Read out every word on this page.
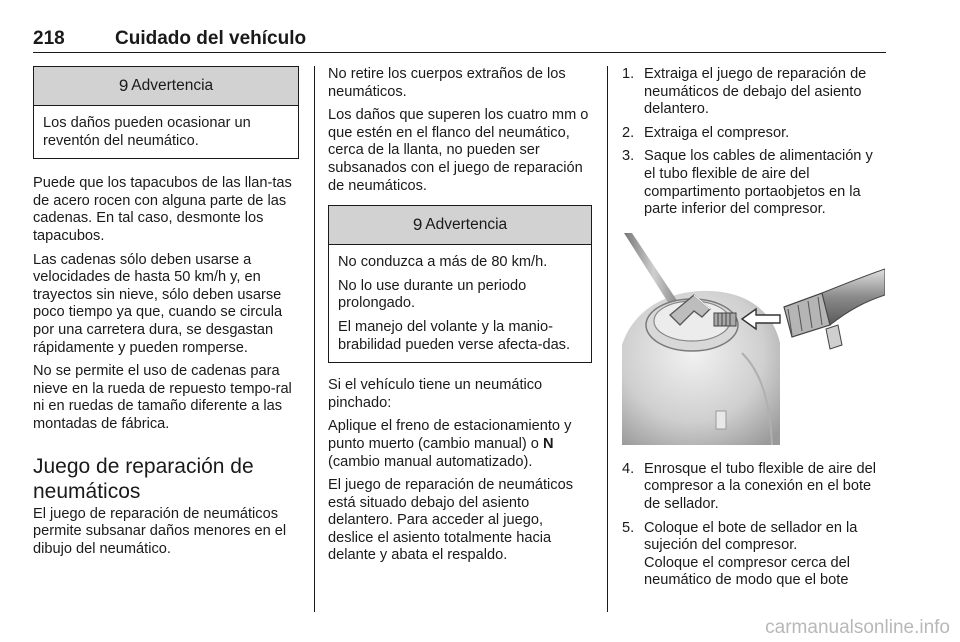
218	Cuidado del vehículo
9 Advertencia

Los daños pueden ocasionar un reventón del neumático.

Puede que los tapacubos de las llan-tas de acero rocen con alguna parte de las cadenas. En tal caso, desmonte los tapacubos.

Las cadenas sólo deben usarse a velocidades de hasta 50 km/h y, en trayectos sin nieve, sólo deben usarse poco tiempo ya que, cuando se circula por una carretera dura, se desgastan rápidamente y pueden romperse.

No se permite el uso de cadenas para nieve en la rueda de repuesto tempo-ral ni en ruedas de tamaño diferente a las montadas de fábrica.

Juego de reparación de neumáticos

El juego de reparación de neumáticos permite subsanar daños menores en el dibujo del neumático.

No retire los cuerpos extraños de los neumáticos.

Los daños que superen los cuatro mm o que estén en el flanco del neumático, cerca de la llanta, no pueden ser subsanados con el juego de reparación de neumáticos.

9 Advertencia

No conduzca a más de 80 km/h.

No lo use durante un periodo prolongado.

El manejo del volante y la manio-brabilidad pueden verse afecta-das.

Si el vehículo tiene un neumático pinchado:

Aplique el freno de estacionamiento y punto muerto (cambio manual) o N (cambio manual automatizado).

El juego de reparación de neumáticos está situado debajo del asiento delantero. Para acceder al juego, deslice el asiento totalmente hacia delante y abata el respaldo.

1. Extraiga el juego de reparación de neumáticos de debajo del asiento delantero.
2. Extraiga el compresor.
3. Saque los cables de alimentación y el tubo flexible de aire del compartimento portaobjetos en la parte inferior del compresor.
4. Enrosque el tubo flexible de aire del compresor a la conexión en el bote de sellador.
5. Coloque el bote de sellador en la sujeción del compresor.

Coloque el compresor cerca del neumático de modo que el bote

carmanualsonline.info
